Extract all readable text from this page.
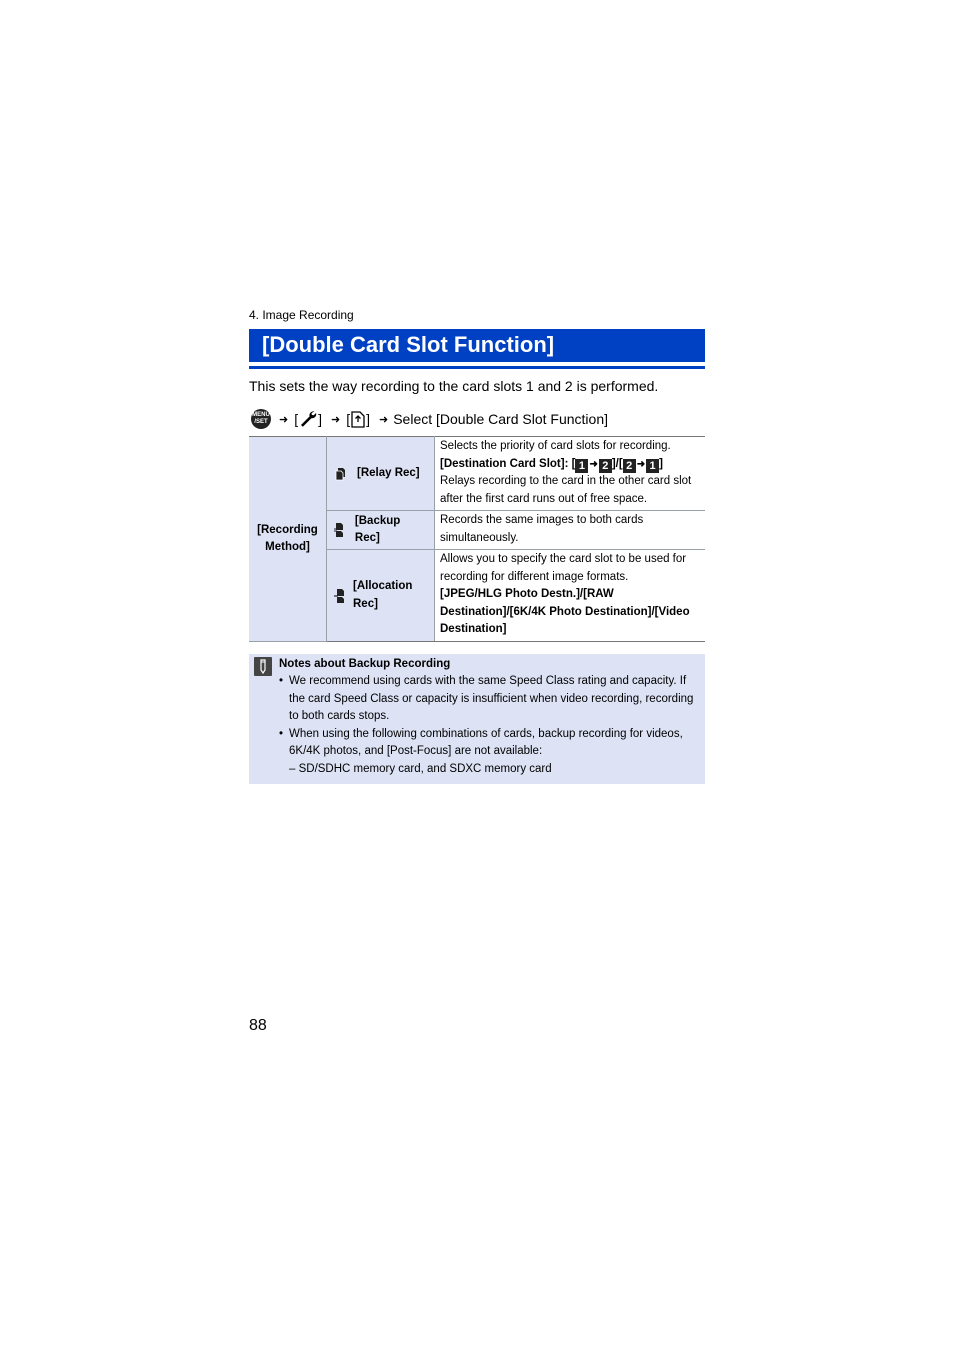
4. Image Recording
[Double Card Slot Function]
This sets the way recording to the card slots 1 and 2 is performed.
MENU
/SET	➜ [ ] ➜ [ ] ➜ Select [Double Card Slot Function]
[Recording Method]	[Relay Rec]	Selects the priority of card slots for recording.
[Destination Card Slot]: [ 1 ➜ 2 ]/[ 2 ➜ 1 ]
Relays recording to the card in the other card slot after the first card runs out of free space.

	[Backup Rec]	Records the same images to both cards simultaneously.

	[Allocation Rec]	Allows you to specify the card slot to be used for recording for different image formats.
[JPEG/HLG Photo Destn.]/[RAW Destination]/[6K/4K Photo Destination]/[Video Destination]
Notes about Backup Recording
• We recommend using cards with the same Speed Class rating and capacity. If the card Speed Class or capacity is insufficient when video recording, recording to both cards stops.
• When using the following combinations of cards, backup recording for videos, 6K/4K photos, and [Post-Focus] are not available:
– SD/SDHC memory card, and SDXC memory card
88
